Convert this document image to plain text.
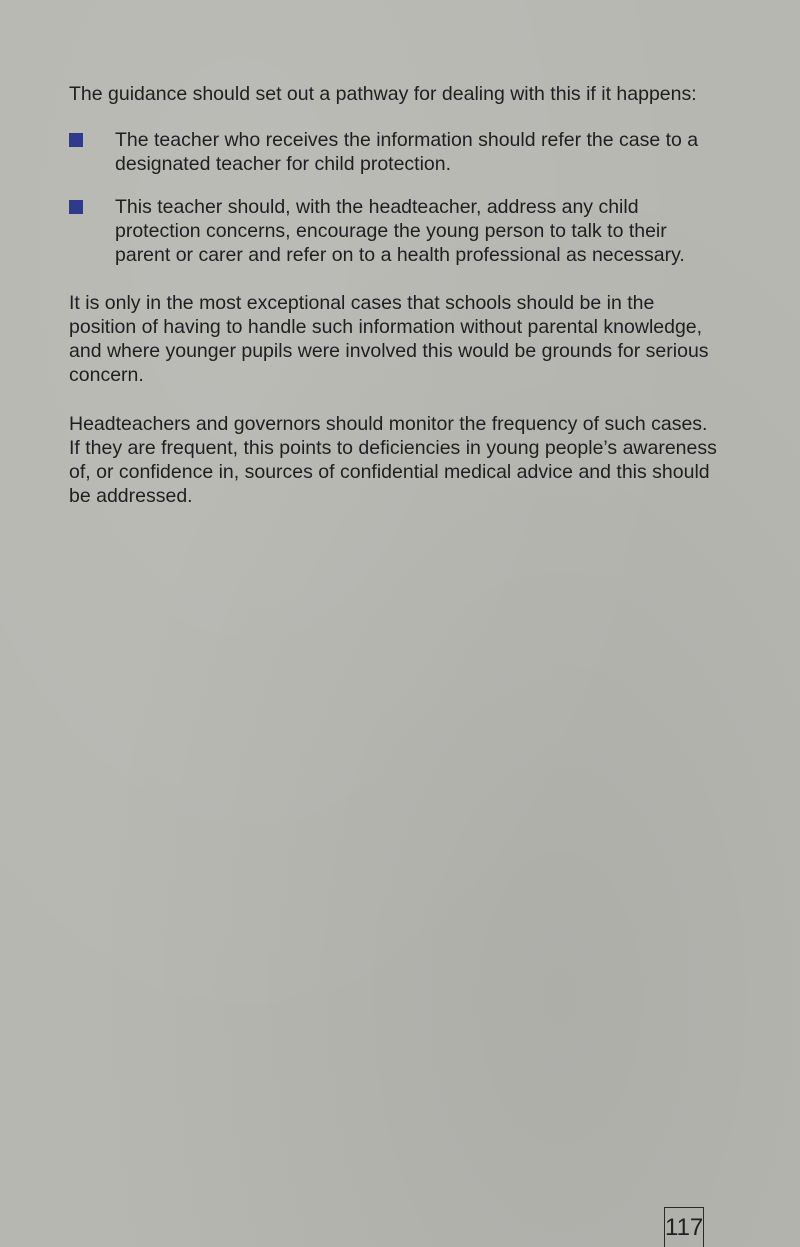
The guidance should set out a pathway for dealing with this if it happens:

The teacher who receives the information should refer the case to a designated teacher for child protection.
This teacher should, with the headteacher, address any child protection concerns, encourage the young person to talk to their parent or carer and refer on to a health professional as necessary.

It is only in the most exceptional cases that schools should be in the position of having to handle such information without parental knowledge, and where younger pupils were involved this would be grounds for serious concern.

Headteachers and governors should monitor the frequency of such cases. If they are frequent, this points to deficiencies in young people’s awareness of, or confidence in, sources of confidential medical advice and this should be addressed.

117
